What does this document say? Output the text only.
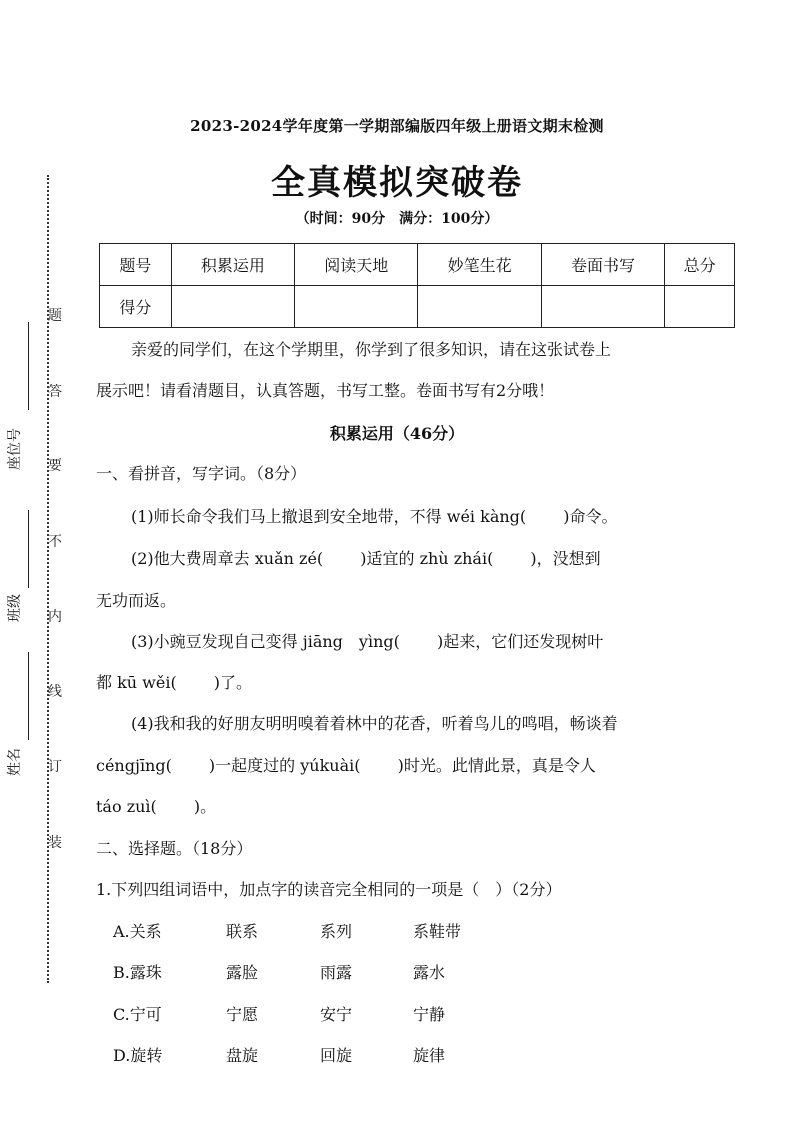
2023-2024学年度第一学期部编版四年级上册语文期末检测
全真模拟突破卷
（时间：90分　满分：100分）
题号	积累运用	阅读天地	妙笔生花	卷面书写	总分
得分					
亲爱的同学们，在这个学期里，你学到了很多知识，请在这张试卷上
展示吧！请看清题目，认真答题，书写工整。卷面书写有2分哦！
积累运用（46分）
一、看拼音，写字词。（8分）
(1)师长命令我们马上撤退到安全地带，不得 wéi kàng(　　 )命令。
(2)他大费周章去 xuǎn zé(　　 )适宜的 zhù zhái(　　 )，没想到
无功而返。
(3)小豌豆发现自己变得 jiāng　yìng(　　 )起来，它们还发现树叶
都 kū wěi(　　 )了。
(4)我和我的好朋友明明嗅着着林中的花香，听着鸟儿的鸣唱，畅谈着
céngjīng(　　 )一起度过的 yúkuài(　　 )时光。此情此景，真是令人
táo zuì(　　 )。
二、选择题。（18分）
1.下列四组词语中，加点字的读音完全相同的一项是（　）（2分）
A.关系	联系	系列	系鞋带
B.露珠	露脸	雨露	露水
C.宁可	宁愿	安宁	宁静
D.旋转	盘旋	回旋	旋律
题
答
要
不
内
线
订
装
座位号
班级
姓名
